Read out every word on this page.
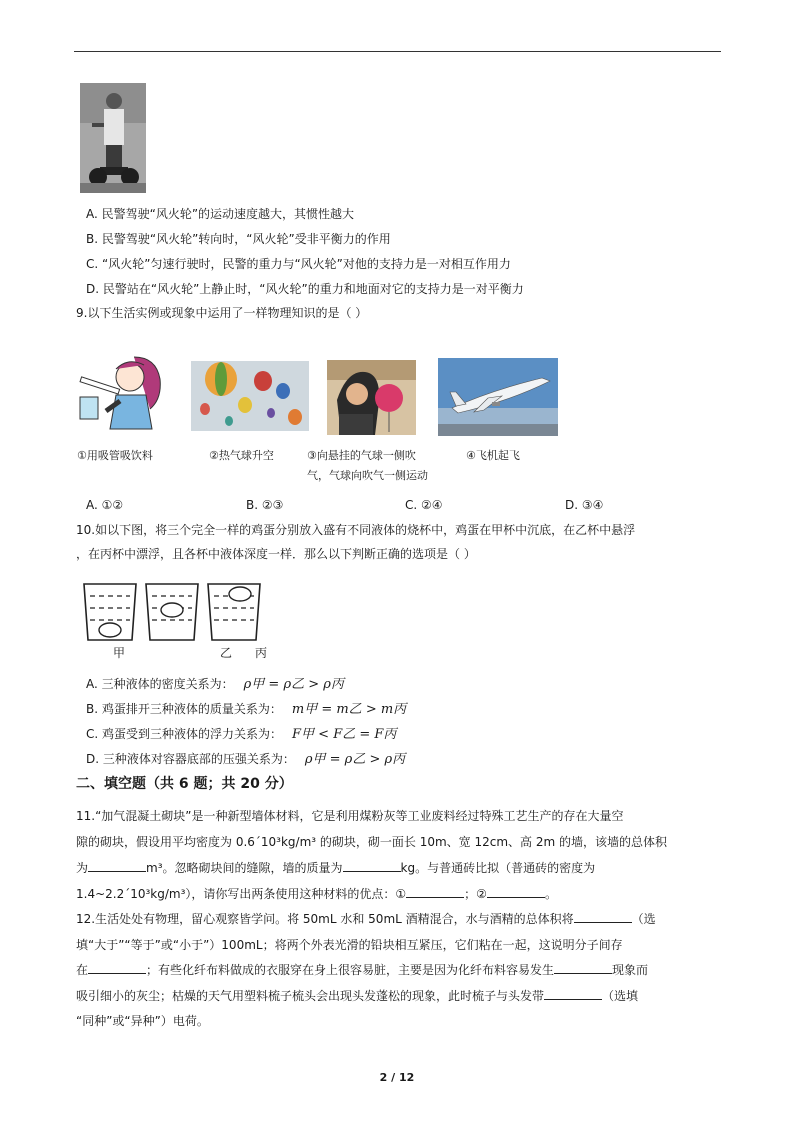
A. 民警驾驶“风火轮”的运动速度越大，其惯性越大
B. 民警驾驶“风火轮”转向时，“风火轮”受非平衡力的作用
C. “风火轮”匀速行驶时，民警的重力与“风火轮”对他的支持力是一对相互作用力
D. 民警站在“风火轮”上静止时，“风火轮”的重力和地面对它的支持力是一对平衡力
9.以下生活实例或现象中运用了一样物理知识的是（ ）
①用吸管吸饮料	②热气球升空	③向悬挂的气球一侧吹
气，气球向吹气一侧运动
④飞机起飞
A. ①②	B. ②③	C. ②④	D. ③④
10.如以下图，将三个完全一样的鸡蛋分别放入盛有不同液体的烧杯中，鸡蛋在甲杯中沉底，在乙杯中悬浮
，在丙杯中漂浮，且各杯中液体深度一样．那么以下判断正确的选项是（ ）
甲	乙 丙
A. 三种液体的密度关系为： ρ甲 = ρ乙 > ρ丙
B. 鸡蛋排开三种液体的质量关系为： m甲 = m乙 > m丙
C. 鸡蛋受到三种液体的浮力关系为： F甲 < F乙 = F丙
D. 三种液体对容器底部的压强关系为： ρ甲 = ρ乙 > ρ丙
二、填空题（共 6 题；共 20 分）
11.“加气混凝土砌块”是一种新型墙体材料，它是利用煤粉灰等工业废料经过特殊工艺生产的存在大量空
隙的砌块，假设用平均密度为 0.6´10³kg/m³ 的砌块，砌一面长 10m、宽 12cm、高 2m 的墙，该墙的总体积
为	m³。忽略砌块间的缝隙，墙的质量为	kg。与普通砖比拟（普通砖的密度为
1.4~2.2´10³kg/m³），请你写出两条使用这种材料的优点：①	；②	。
12.生活处处有物理，留心观察皆学问。将 50mL 水和 50mL 酒精混合，水与酒精的总体积将	（选
填“大于”“等于”或“小于”）100mL；将两个外表光滑的铅块相互紧压，它们粘在一起，这说明分子间存
在	；有些化纤布料做成的衣服穿在身上很容易脏，主要是因为化纤布料容易发生	现象而
吸引细小的灰尘；枯燥的天气用塑料梳子梳头会出现头发蓬松的现象，此时梳子与头发带	（选填
“同种”或“异种”）电荷。
2 / 12
